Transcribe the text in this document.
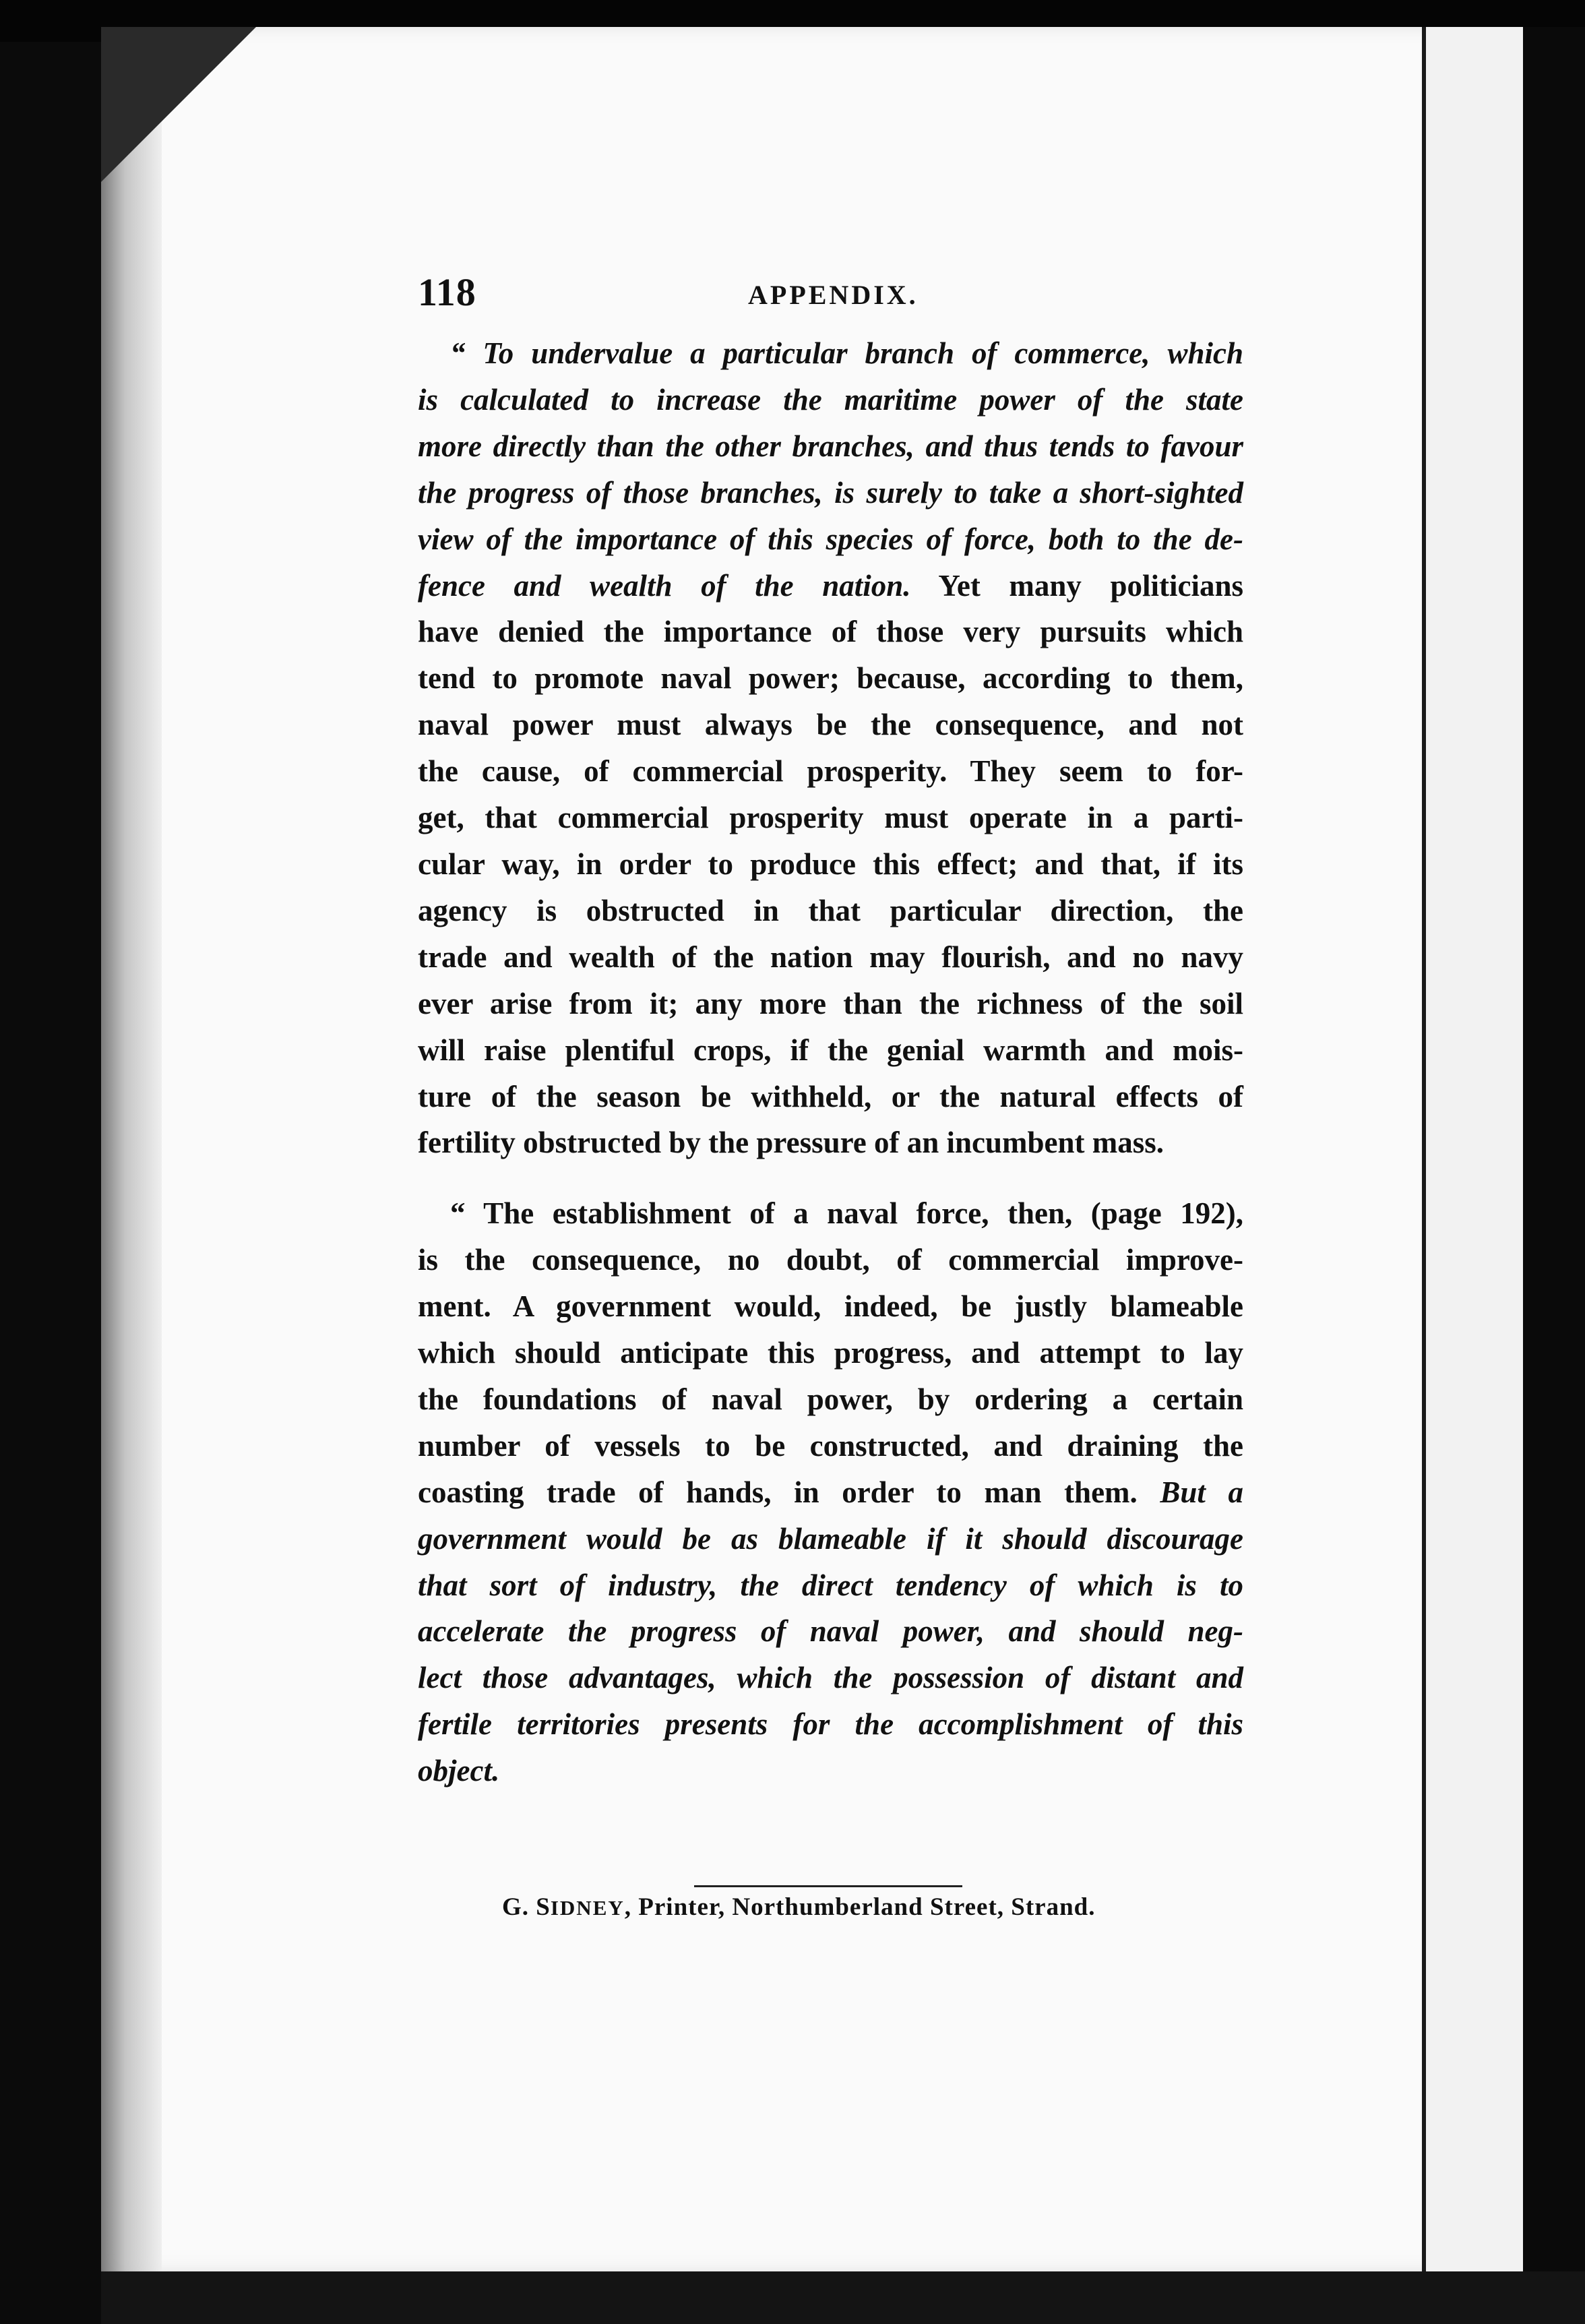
118	APPENDIX.

“ To undervalue a particular branch of commerce, which
is calculated to increase the maritime power of the state
more directly than the other branches, and thus tends to favour
the progress of those branches, is surely to take a short-sighted
view of the importance of this species of force, both to the de-
fence and wealth of the nation. Yet many politicians
have denied the importance of those very pursuits which
tend to promote naval power; because, according to them,
naval power must always be the consequence, and not
the cause, of commercial prosperity. They seem to for-
get, that commercial prosperity must operate in a parti-
cular way, in order to produce this effect; and that, if its
agency is obstructed in that particular direction, the
trade and wealth of the nation may flourish, and no navy
ever arise from it; any more than the richness of the soil
will raise plentiful crops, if the genial warmth and mois-
ture of the season be withheld, or the natural effects of
fertility obstructed by the pressure of an incumbent mass.

“ The establishment of a naval force, then, (page 192),
is the consequence, no doubt, of commercial improve-
ment. A government would, indeed, be justly blameable
which should anticipate this progress, and attempt to lay
the foundations of naval power, by ordering a certain
number of vessels to be constructed, and draining the
coasting trade of hands, in order to man them. But a
government would be as blameable if it should discourage
that sort of industry, the direct tendency of which is to
accelerate the progress of naval power, and should neg-
lect those advantages, which the possession of distant and
fertile territories presents for the accomplishment of this
object.

G. SIDNEY, Printer, Northumberland Street, Strand.
